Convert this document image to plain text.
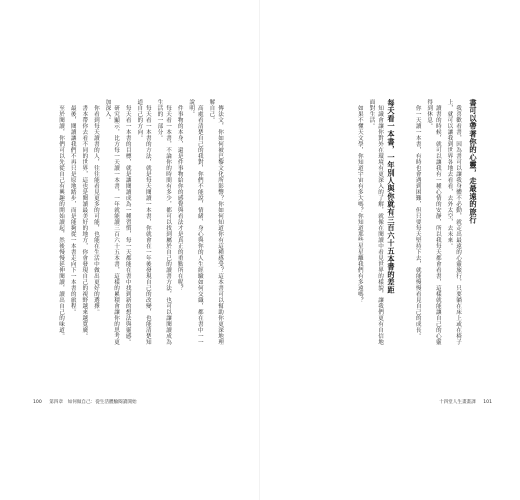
傳法文，你如何被巴黎文化所影響？你如何知道你有這種感受？這本書可以幫助你更深地理解自己。
高處看清楚自己的我對，你們不能說，情緒、身心與你的人生經驗如何交織，都在書中一一說明。
件事物的本身，還是件事物給你的感覺與看法才是真正的重點所在呢？
每天看一本書，不論你的時間有多少，都可以找到屬於自己的讀書方法，也可以讓閱讀成為生活的一部分。
每天看一本書的方法，就是每天閱讀一本書，你就會在一年後發現自己的改變，也能清楚知道自己的方向。
每天看一本書的目標，就是讓閱讀成為一種習慣，每一天都能在書中找到新的想法與靈感。
研究顯示，比方每一天讀一本書，一年就能讀三百六十五本書，這樣的累積會讓你的思考更加深入。
你看到每天讀書的人，往往能看見更多的可能，也能在生活中做出更好的選擇。
書本帶你去看不同的世界，這也是閱讀最美好的地方，你會發現自己的視野越來越寬廣。
最後，閱讀讓我們不再只是原地踏步，而是能夠從一本書走向下一本書的旅程。
至於閱讀，你們可以先從自己有興趣的開始讀起，然後慢慢延伸閱讀，讀出自己的味道。
100 第四章　如何做自己：從生活體驗閱讀開始
書可以帶著你的心靈，走最遠的旅行
我喜歡看書，因為書可以讓我身體不必動，就走出最遠的心靈旅行，只要躺在床上或在椅子上，就可以讓我到世界各地去看看，去外太空，去未來。
讀書的時候，就可以讓我有一種心情的安靜，所以我每天都會看書，這樣就能讓自己的心靈得到休息。
你一天讀一本書，有時也會遇到困難，但只要每天堅持下去，就能慢慢看見自己的成長。
每天看一本書，一年別人與你就有三百六十五本書的差距
知識會讓你對外在環境有更深入的了解，就像在閱讀中看見世界的樣貌，讓我們更有自信地面對生活。
如果不懂天文學，你知道宇宙有多大嗎？你知道那些星星離我們有多遠嗎？
十四堂人生畫畫課 101
